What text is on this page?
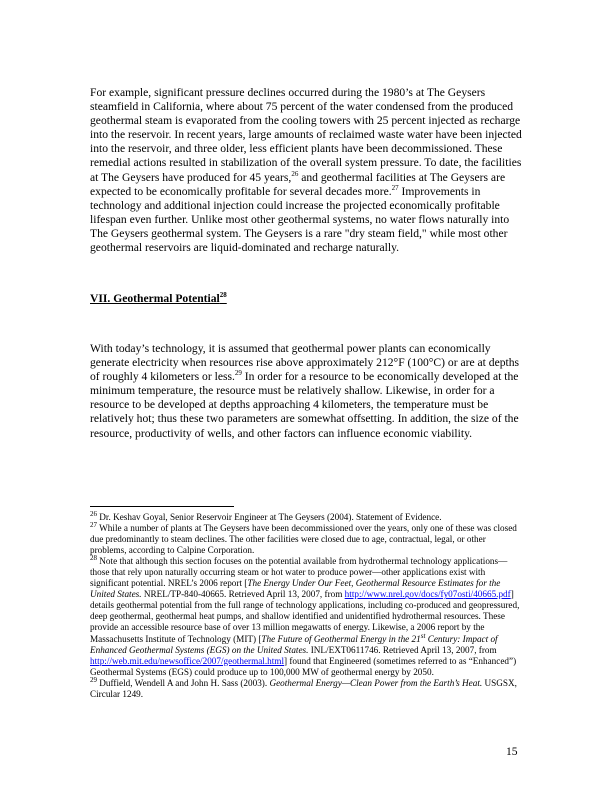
For example, significant pressure declines occurred during the 1980’s at The Geysers steamfield in California, where about 75 percent of the water condensed from the produced geothermal steam is evaporated from the cooling towers with 25 percent injected as recharge into the reservoir. In recent years, large amounts of reclaimed waste water have been injected into the reservoir, and three older, less efficient plants have been decommissioned. These remedial actions resulted in stabilization of the overall system pressure. To date, the facilities at The Geysers have produced for 45 years,$^{26}$ and geothermal facilities at The Geysers are expected to be economically profitable for several decades more.$^{27}$ Improvements in technology and additional injection could increase the projected economically profitable lifespan even further. Unlike most other geothermal systems, no water flows naturally into The Geysers geothermal system. The Geysers is a rare "dry steam field," while most other geothermal reservoirs are liquid-dominated and recharge naturally.

VII. Geothermal Potential$^{28}$

With today’s technology, it is assumed that geothermal power plants can economically generate electricity when resources rise above approximately 212°F (100°C) or are at depths of roughly 4 kilometers or less.$^{29}$ In order for a resource to be economically developed at the minimum temperature, the resource must be relatively shallow. Likewise, in order for a resource to be developed at depths approaching 4 kilometers, the temperature must be relatively hot; thus these two parameters are somewhat offsetting. In addition, the size of the resource, productivity of wells, and other factors can influence economic viability.

$^{26}$ Dr. Keshav Goyal, Senior Reservoir Engineer at The Geysers (2004). Statement of Evidence.

$^{27}$ While a number of plants at The Geysers have been decommissioned over the years, only one of these was closed due predominantly to steam declines. The other facilities were closed due to age, contractual, legal, or other problems, according to Calpine Corporation.

$^{28}$ Note that although this section focuses on the potential available from hydrothermal technology applications—those that rely upon naturally occurring steam or hot water to produce power—other applications exist with significant potential. NREL’s 2006 report [The Energy Under Our Feet, Geothermal Resource Estimates for the United States. NREL/TP-840-40665. Retrieved April 13, 2007, from http://www.nrel.gov/docs/fy07osti/40665.pdf] details geothermal potential from the full range of technology applications, including co-produced and geopressured, deep geothermal, geothermal heat pumps, and shallow identified and unidentified hydrothermal resources. These provide an accessible resource base of over 13 million megawatts of energy. Likewise, a 2006 report by the Massachusetts Institute of Technology (MIT) [The Future of Geothermal Energy in the 21st Century: Impact of Enhanced Geothermal Systems (EGS) on the United States. INL/EXT0611746. Retrieved April 13, 2007, from http://web.mit.edu/newsoffice/2007/geothermal.html] found that Engineered (sometimes referred to as “Enhanced”) Geothermal Systems (EGS) could produce up to 100,000 MW of geothermal energy by 2050.

$^{29}$ Duffield, Wendell A and John H. Sass (2003). Geothermal Energy—Clean Power from the Earth’s Heat. USGSX, Circular 1249.

15
